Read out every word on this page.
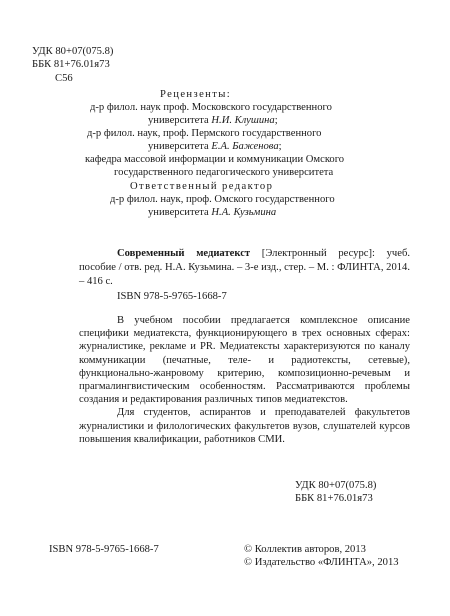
УДК 80+07(075.8)
ББК 81+76.01я73
С56
Рецензенты:
д-р филол. наук проф. Московского государственного
университета Н.И. Клушина;
д-р филол. наук, проф. Пермского государственного
университета Е.А. Баженова;
кафедра массовой информации и коммуникации Омского
государственного педагогического университета
Ответственный редактор
д-р филол. наук, проф. Омского государственного
университета Н.А. Кузьмина

Современный медиатекст [Электронный ресурс]: учеб. пособие / отв. ред. Н.А. Кузьмина. – 3-е изд., стер. – М. : ФЛИНТА, 2014. – 416 с.

ISBN 978-5-9765-1668-7

В учебном пособии предлагается комплексное описание специфики медиатекста, функционирующего в трех основных сферах: журналистике, рекламе и PR. Медиатексты характеризуются по каналу коммуникации (печатные, теле- и радиотексты, сетевые), функционально-жанровому критерию, композиционно-речевым и прагмалингвистическим особенностям. Рассматриваются проблемы создания и редактирования различных типов медиатекстов.

Для студентов, аспирантов и преподавателей факультетов журналистики и филологических факультетов вузов, слушателей курсов повышения квалификации, работников СМИ.

УДК 80+07(075.8)
ББК 81+76.01я73
ISBN 978-5-9765-1668-7	© Коллектив авторов, 2013
© Издательство «ФЛИНТА», 2013
